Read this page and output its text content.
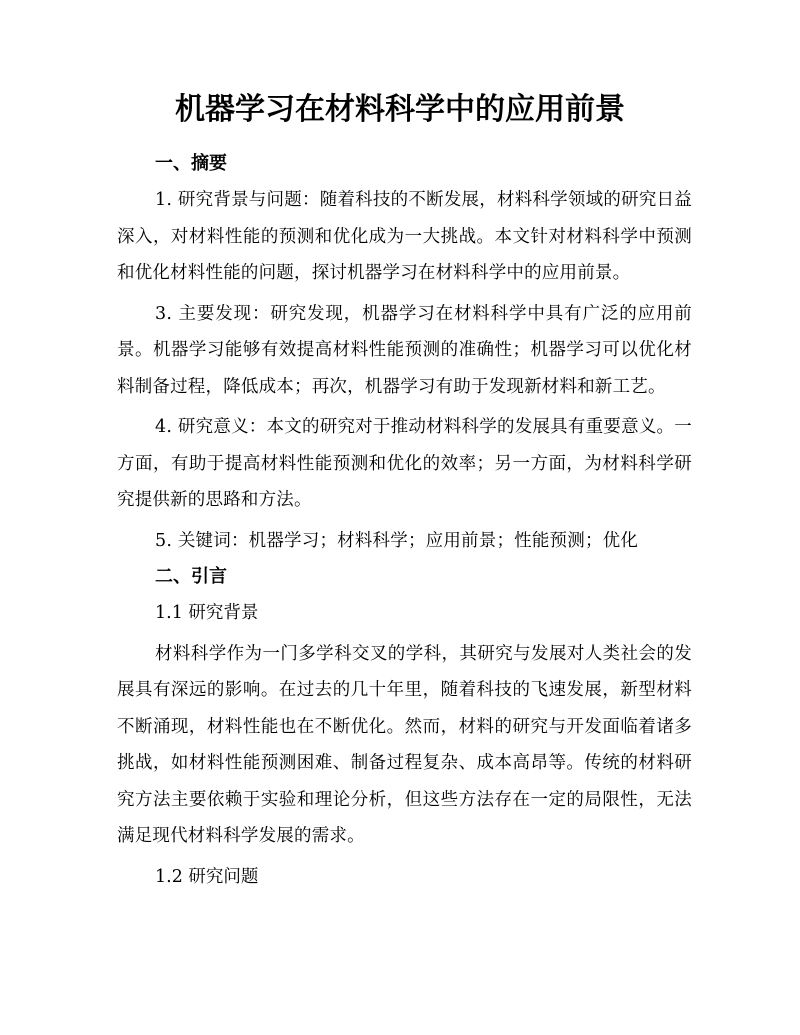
机器学习在材料科学中的应用前景

一、摘要

1. 研究背景与问题：随着科技的不断发展，材料科学领域的研究日益深入，对材料性能的预测和优化成为一大挑战。本文针对材料科学中预测和优化材料性能的问题，探讨机器学习在材料科学中的应用前景。

3. 主要发现：研究发现，机器学习在材料科学中具有广泛的应用前景。机器学习能够有效提高材料性能预测的准确性；机器学习可以优化材料制备过程，降低成本；再次，机器学习有助于发现新材料和新工艺。

4. 研究意义：本文的研究对于推动材料科学的发展具有重要意义。一方面，有助于提高材料性能预测和优化的效率；另一方面，为材料科学研究提供新的思路和方法。

5. 关键词：机器学习；材料科学；应用前景；性能预测；优化

二、引言

1.1 研究背景

材料科学作为一门多学科交叉的学科，其研究与发展对人类社会的发展具有深远的影响。在过去的几十年里，随着科技的飞速发展，新型材料不断涌现，材料性能也在不断优化。然而，材料的研究与开发面临着诸多挑战，如材料性能预测困难、制备过程复杂、成本高昂等。传统的材料研究方法主要依赖于实验和理论分析，但这些方法存在一定的局限性，无法满足现代材料科学发展的需求。

1.2 研究问题
